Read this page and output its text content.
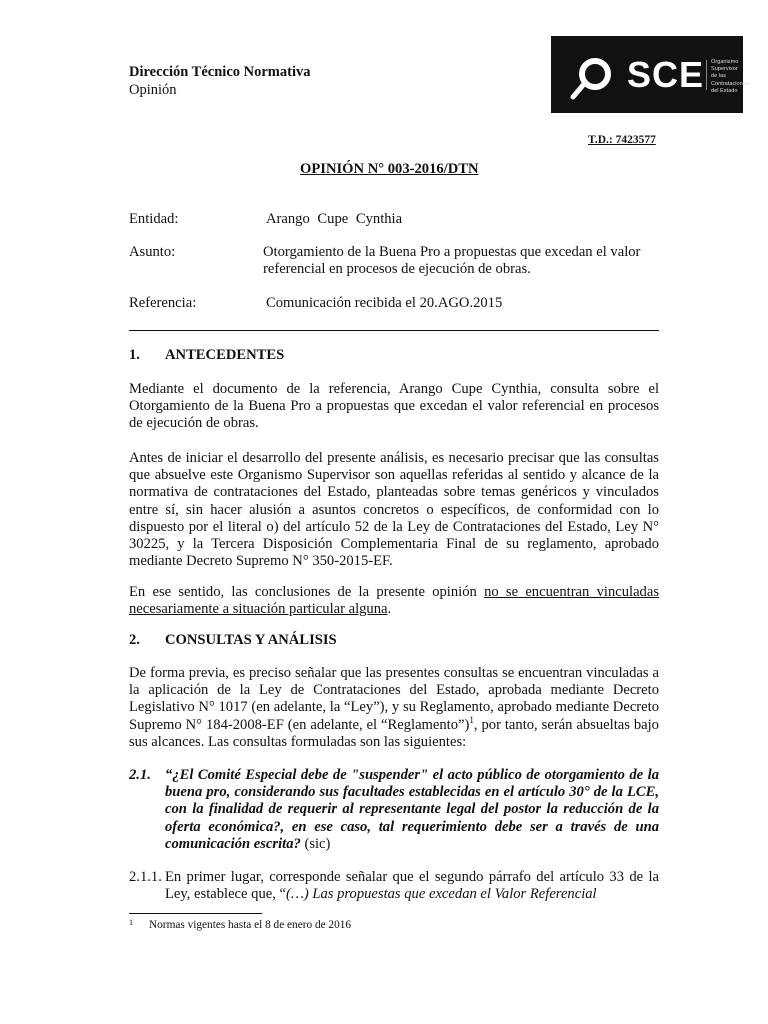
Dirección Técnico Normativa
Opinión	SCE Organismo Supervisor de las Contrataciones del Estado
T.D.: 7423577
OPINIÓN N° 003-2016/DTN
Entidad:	Arango Cupe Cynthia
Asunto:	Otorgamiento de la Buena Pro a propuestas que excedan el valor referencial en procesos de ejecución de obras.
Referencia:	Comunicación recibida el 20.AGO.2015
1. ANTECEDENTES

Mediante el documento de la referencia, Arango Cupe Cynthia, consulta sobre el Otorgamiento de la Buena Pro a propuestas que excedan el valor referencial en procesos de ejecución de obras.

Antes de iniciar el desarrollo del presente análisis, es necesario precisar que las consultas que absuelve este Organismo Supervisor son aquellas referidas al sentido y alcance de la normativa de contrataciones del Estado, planteadas sobre temas genéricos y vinculados entre sí, sin hacer alusión a asuntos concretos o específicos, de conformidad con lo dispuesto por el literal o) del artículo 52 de la Ley de Contrataciones del Estado, Ley N° 30225, y la Tercera Disposición Complementaria Final de su reglamento, aprobado mediante Decreto Supremo N° 350-2015-EF.

En ese sentido, las conclusiones de la presente opinión no se encuentran vinculadas necesariamente a situación particular alguna.

2. CONSULTAS Y ANÁLISIS

De forma previa, es preciso señalar que las presentes consultas se encuentran vinculadas a la aplicación de la Ley de Contrataciones del Estado, aprobada mediante Decreto Legislativo N° 1017 (en adelante, la “Ley”), y su Reglamento, aprobado mediante Decreto Supremo N° 184-2008-EF (en adelante, el “Reglamento”)$^1$, por tanto, serán absueltas bajo sus alcances. Las consultas formuladas son las siguientes:

2.1. “¿El Comité Especial debe de "suspender" el acto público de otorgamiento de la buena pro, considerando sus facultades establecidas en el artículo 30° de la LCE, con la finalidad de requerir al representante legal del postor la reducción de la oferta económica?, en ese caso, tal requerimiento debe ser a través de una comunicación escrita? (sic)

2.1.1. En primer lugar, corresponde señalar que el segundo párrafo del artículo 33 de la Ley, establece que, “(…) Las propuestas que excedan el Valor Referencial

1 Normas vigentes hasta el 8 de enero de 2016
